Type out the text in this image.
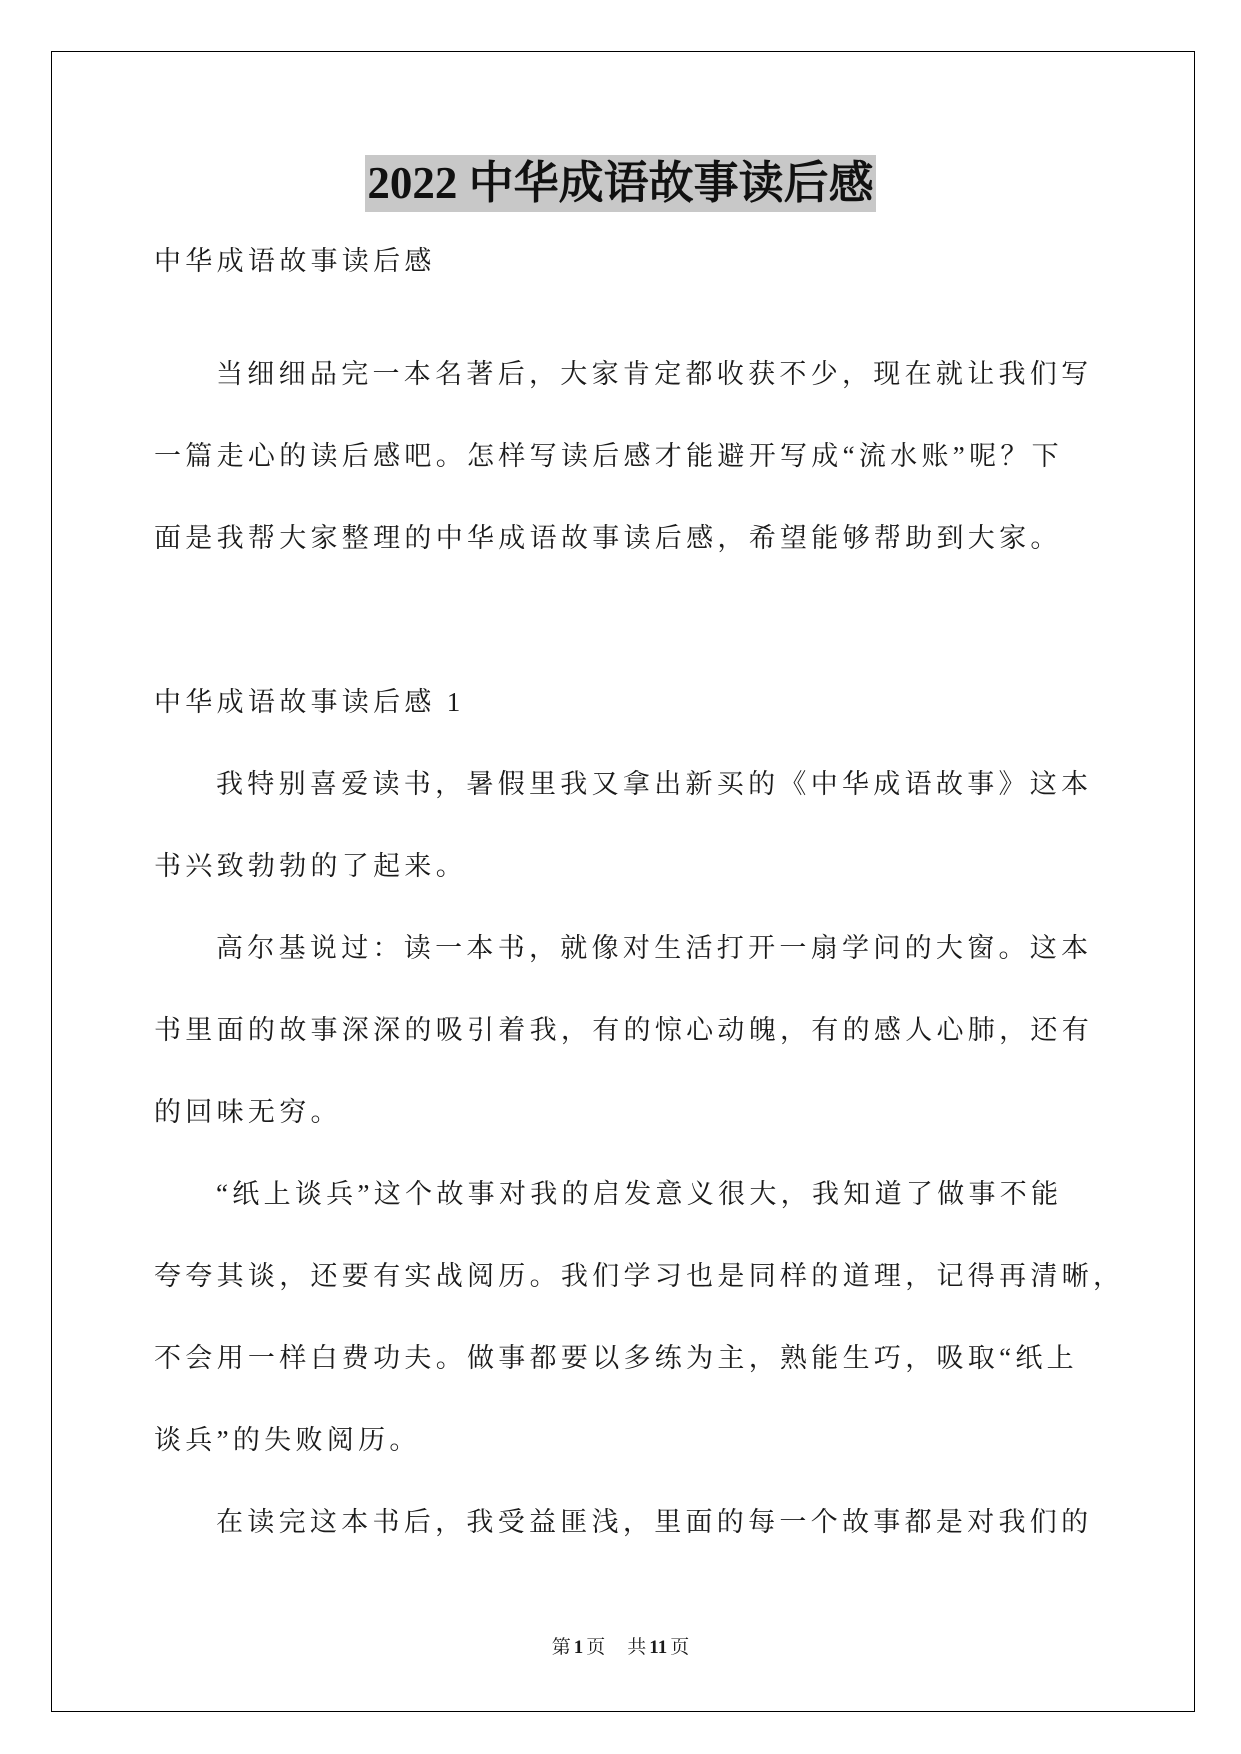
2022 中华成语故事读后感
中华成语故事读后感
当细细品完一本名著后，大家肯定都收获不少，现在就让我们写
一篇走心的读后感吧。怎样写读后感才能避开写成“流水账”呢？下
面是我帮大家整理的中华成语故事读后感，希望能够帮助到大家。
中华成语故事读后感 1
我特别喜爱读书，暑假里我又拿出新买的《中华成语故事》这本
书兴致勃勃的了起来。
高尔基说过：读一本书，就像对生活打开一扇学问的大窗。这本
书里面的故事深深的吸引着我，有的惊心动魄，有的感人心肺，还有
的回味无穷。
“纸上谈兵”这个故事对我的启发意义很大，我知道了做事不能
夸夸其谈，还要有实战阅历。我们学习也是同样的道理，记得再清晰，
不会用一样白费功夫。做事都要以多练为主，熟能生巧，吸取“纸上
谈兵”的失败阅历。
在读完这本书后，我受益匪浅，里面的每一个故事都是对我们的
第 1 页 共 11 页
